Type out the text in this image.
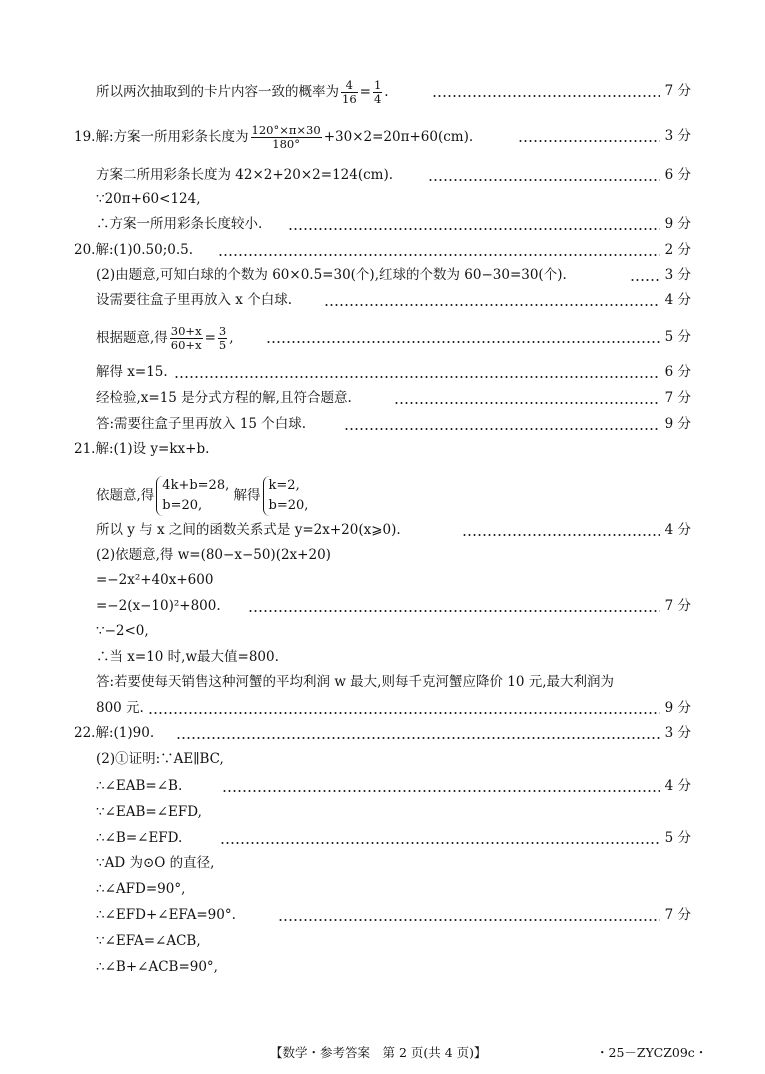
所以两次抽取到的卡片内容一致的概率为 $\frac{4}{16} = \frac{1}{4}$ .	7 分
19.解:方案一所用彩条长度为 $\frac{120^\circ\times\pi\times 30}{180^\circ} +30\times 2=20\pi+60(cm)$.	3 分
方案二所用彩条长度为 42×2+20×2=124(cm).	6 分
∵20π+60<124,
∴方案一所用彩条长度较小.	9 分
20.解:(1)0.50;0.5.	2 分
(2)由题意,可知白球的个数为 60×0.5=30(个),红球的个数为 60−30=30(个).	3 分
设需要往盒子里再放入 x 个白球.	4 分
根据题意,得 $\frac{30+x}{60+x} = \frac{3}{5}$ ,	5 分
解得 x=15.	6 分
经检验,x=15 是分式方程的解,且符合题意.	7 分
答:需要往盒子里再放入 15 个白球.	9 分
21.解:(1)设 y=kx+b.
依题意,得
4k+b=28,
b=20,
解得
k=2,
b=20,
所以 y 与 x 之间的函数关系式是 y=2x+20(x⩾0).	4 分
(2)依题意,得 w=(80−x−50)(2x+20)
=−2x²+40x+600
=−2(x−10)²+800.	7 分
∵−2<0,
∴当 x=10 时,w最大值=800.
答:若要使每天销售这种河蟹的平均利润 w 最大,则每千克河蟹应降价 10 元,最大利润为
800 元.	9 分
22.解:(1)90.	3 分
(2)①证明:∵AE∥BC,
∴∠EAB=∠B.	4 分
∵∠EAB=∠EFD,
∴∠B=∠EFD.	5 分
∵AD 为⊙O 的直径,
∴∠AFD=90°,
∴∠EFD+∠EFA=90°.	7 分
∵∠EFA=∠ACB,
∴∠B+∠ACB=90°,
【数学・参考答案　第 2 页(共 4 页)】	・25－ZYCZ09c・
